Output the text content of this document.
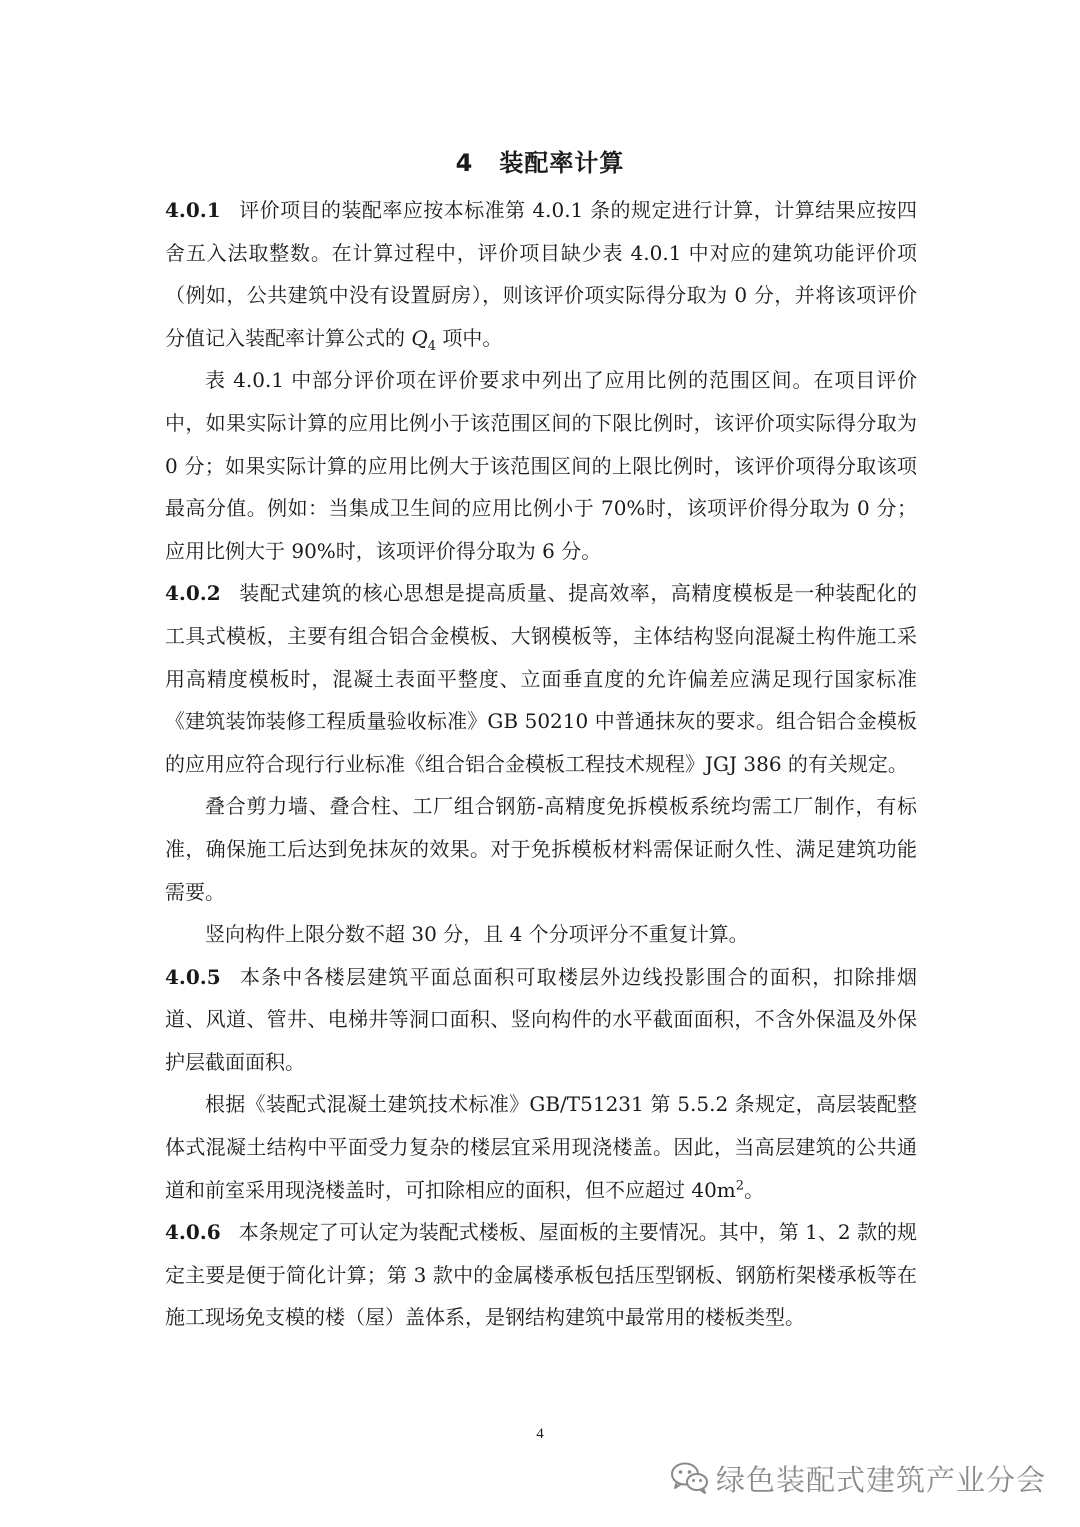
4 装配率计算

4.0.1 评价项目的装配率应按本标准第 4.0.1 条的规定进行计算，计算结果应按四舍五入法取整数。在计算过程中，评价项目缺少表 4.0.1 中对应的建筑功能评价项（例如，公共建筑中没有设置厨房），则该评价项实际得分取为 0 分，并将该项评价分值记入装配率计算公式的 $Q_4$ 项中。

表 4.0.1 中部分评价项在评价要求中列出了应用比例的范围区间。在项目评价中，如果实际计算的应用比例小于该范围区间的下限比例时，该评价项实际得分取为 0 分；如果实际计算的应用比例大于该范围区间的上限比例时，该评价项得分取该项最高分值。例如：当集成卫生间的应用比例小于 70%时，该项评价得分取为 0 分；应用比例大于 90%时，该项评价得分取为 6 分。

4.0.2 装配式建筑的核心思想是提高质量、提高效率，高精度模板是一种装配化的工具式模板，主要有组合铝合金模板、大钢模板等，主体结构竖向混凝土构件施工采用高精度模板时，混凝土表面平整度、立面垂直度的允许偏差应满足现行国家标准《建筑装饰装修工程质量验收标准》GB 50210 中普通抹灰的要求。组合铝合金模板的应用应符合现行行业标准《组合铝合金模板工程技术规程》JGJ 386 的有关规定。

叠合剪力墙、叠合柱、工厂组合钢筋-高精度免拆模板系统均需工厂制作，有标准，确保施工后达到免抹灰的效果。对于免拆模板材料需保证耐久性、满足建筑功能需要。

竖向构件上限分数不超 30 分，且 4 个分项评分不重复计算。

4.0.5 本条中各楼层建筑平面总面积可取楼层外边线投影围合的面积，扣除排烟道、风道、管井、电梯井等洞口面积、竖向构件的水平截面面积，不含外保温及外保护层截面面积。

根据《装配式混凝土建筑技术标准》GB/T51231 第 5.5.2 条规定，高层装配整体式混凝土结构中平面受力复杂的楼层宜采用现浇楼盖。因此，当高层建筑的公共通道和前室采用现浇楼盖时，可扣除相应的面积，但不应超过 $40m^2$。

4.0.6 本条规定了可认定为装配式楼板、屋面板的主要情况。其中，第 1、2 款的规定主要是便于简化计算；第 3 款中的金属楼承板包括压型钢板、钢筋桁架楼承板等在施工现场免支模的楼（屋）盖体系，是钢结构建筑中最常用的楼板类型。

4
绿色装配式建筑产业分会
